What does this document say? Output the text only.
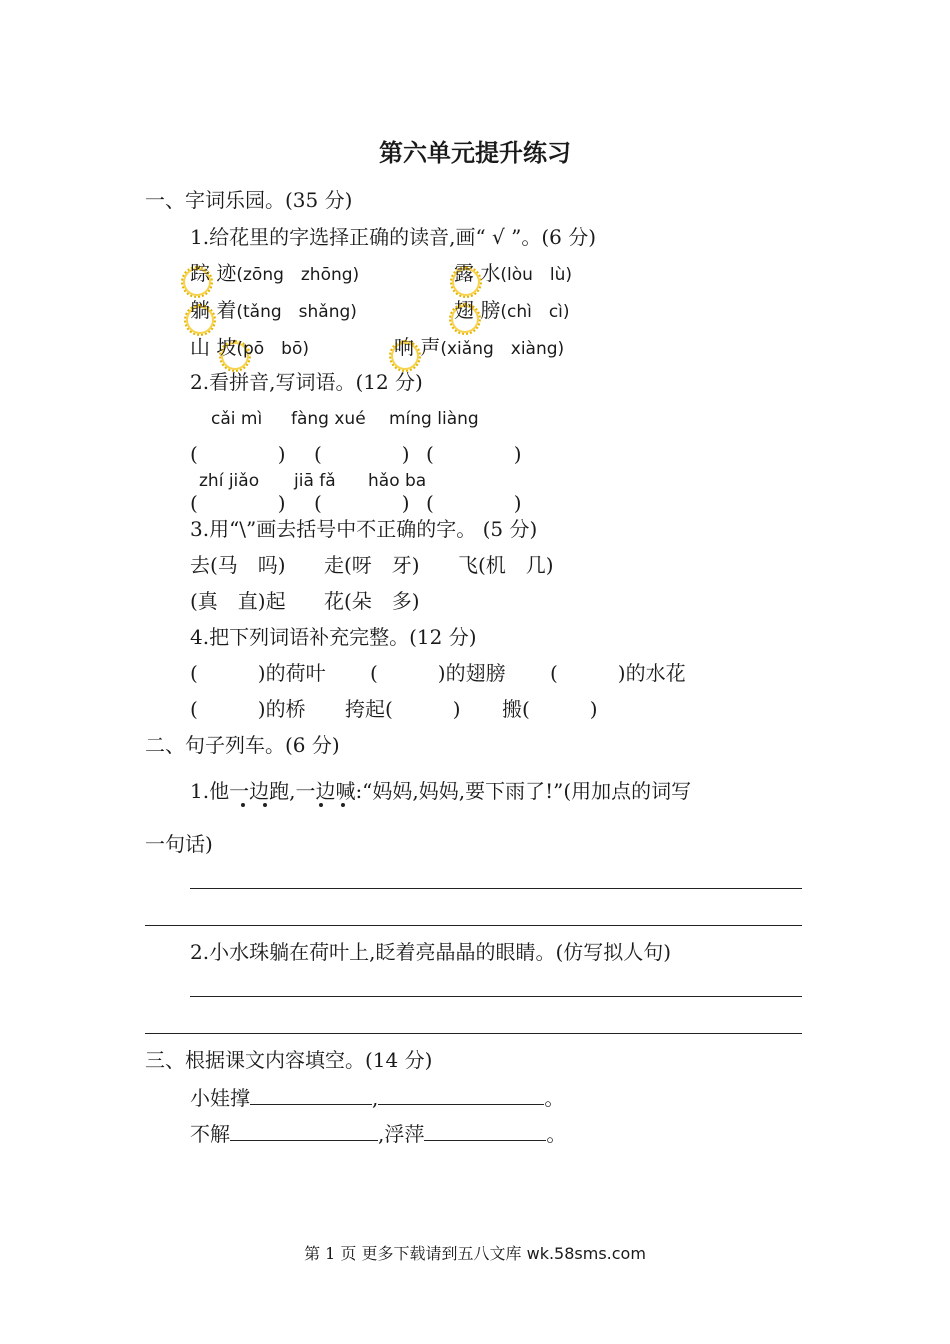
第六单元提升练习
一、字词乐园。(35 分)
1.给花里的字选择正确的读音,画“ √ ”。(6 分)
踪 迹(zōng　zhōng)	露 水(lòu　lù)
躺 着(tǎng　shǎng)	翅 膀(chì　cì)
山 坡(pō　bō)	响 声(xiǎng　xiàng)
2.看拼音,写词语。(12 分)
cǎi mì fàng xué míng liàng
(　　　　) (　　　　) (　　　　)
zhí jiǎo jiā fǎ hǎo ba
(　　　　) (　　　　) (　　　　)
3.用“\”画去括号中不正确的字。 (5 分)
去(马　吗) 走(呀　牙) 飞(机　几)
(真　直)起 花(朵　多)
4.把下列词语补充完整。(12 分)
(　　　)的荷叶 (　　　)的翅膀 (　　　)的水花
(　　　)的桥 挎起(　　　) 搬(　　　)
二、句子列车。(6 分)
1.他一边跑,一边喊:“妈妈,妈妈,要下雨了!”(用加点的词写
一句话)
2.小水珠躺在荷叶上,眨着亮晶晶的眼睛。(仿写拟人句)
三、根据课文内容填空。(14 分)
小娃撑	,	。
不解	,浮萍	。
第 1 页 更多下载请到五八文库 wk.58sms.com
